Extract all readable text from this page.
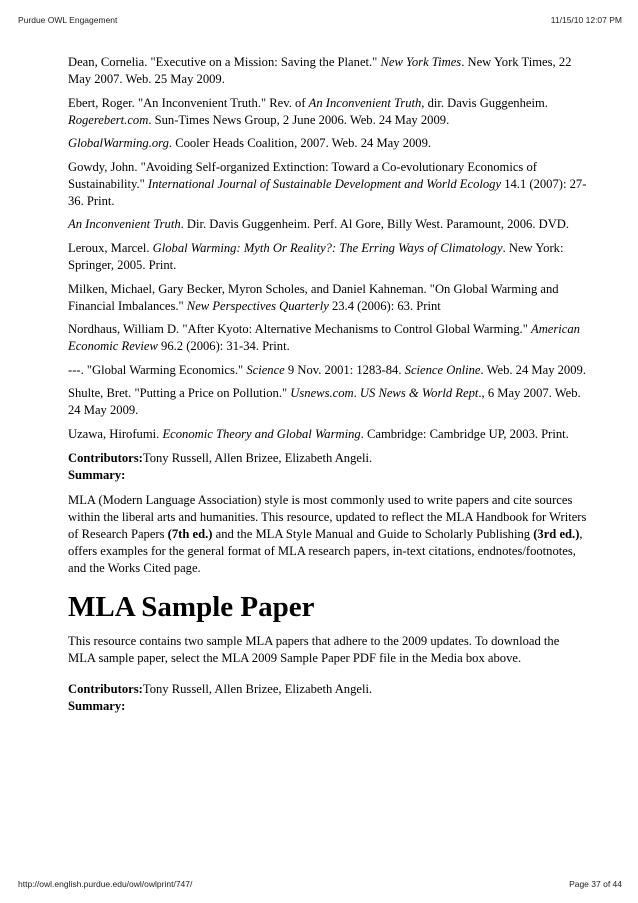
Purdue OWL Engagement	11/15/10 12:07 PM

Dean, Cornelia. "Executive on a Mission: Saving the Planet." New York Times. New York Times, 22 May 2007. Web. 25 May 2009.

Ebert, Roger. "An Inconvenient Truth." Rev. of An Inconvenient Truth, dir. Davis Guggenheim. Rogerebert.com. Sun-Times News Group, 2 June 2006. Web. 24 May 2009.

GlobalWarming.org. Cooler Heads Coalition, 2007. Web. 24 May 2009.

Gowdy, John. "Avoiding Self-organized Extinction: Toward a Co-evolutionary Economics of Sustainability." International Journal of Sustainable Development and World Ecology 14.1 (2007): 27-36. Print.

An Inconvenient Truth. Dir. Davis Guggenheim. Perf. Al Gore, Billy West. Paramount, 2006. DVD.

Leroux, Marcel. Global Warming: Myth Or Reality?: The Erring Ways of Climatology. New York: Springer, 2005. Print.

Milken, Michael, Gary Becker, Myron Scholes, and Daniel Kahneman. "On Global Warming and Financial Imbalances." New Perspectives Quarterly 23.4 (2006): 63. Print

Nordhaus, William D. "After Kyoto: Alternative Mechanisms to Control Global Warming." American Economic Review 96.2 (2006): 31-34. Print.

---. "Global Warming Economics." Science 9 Nov. 2001: 1283-84. Science Online. Web. 24 May 2009.

Shulte, Bret. "Putting a Price on Pollution." Usnews.com. US News & World Rept., 6 May 2007. Web. 24 May 2009.

Uzawa, Hirofumi. Economic Theory and Global Warming. Cambridge: Cambridge UP, 2003. Print.

Contributors:Tony Russell, Allen Brizee, Elizabeth Angeli.

Summary:

MLA (Modern Language Association) style is most commonly used to write papers and cite sources within the liberal arts and humanities. This resource, updated to reflect the MLA Handbook for Writers of Research Papers (7th ed.) and the MLA Style Manual and Guide to Scholarly Publishing (3rd ed.), offers examples for the general format of MLA research papers, in-text citations, endnotes/footnotes, and the Works Cited page.

MLA Sample Paper

This resource contains two sample MLA papers that adhere to the 2009 updates. To download the MLA sample paper, select the MLA 2009 Sample Paper PDF file in the Media box above.

Contributors:Tony Russell, Allen Brizee, Elizabeth Angeli.

Summary:

http://owl.english.purdue.edu/owl/owlprint/747/	Page 37 of 44
